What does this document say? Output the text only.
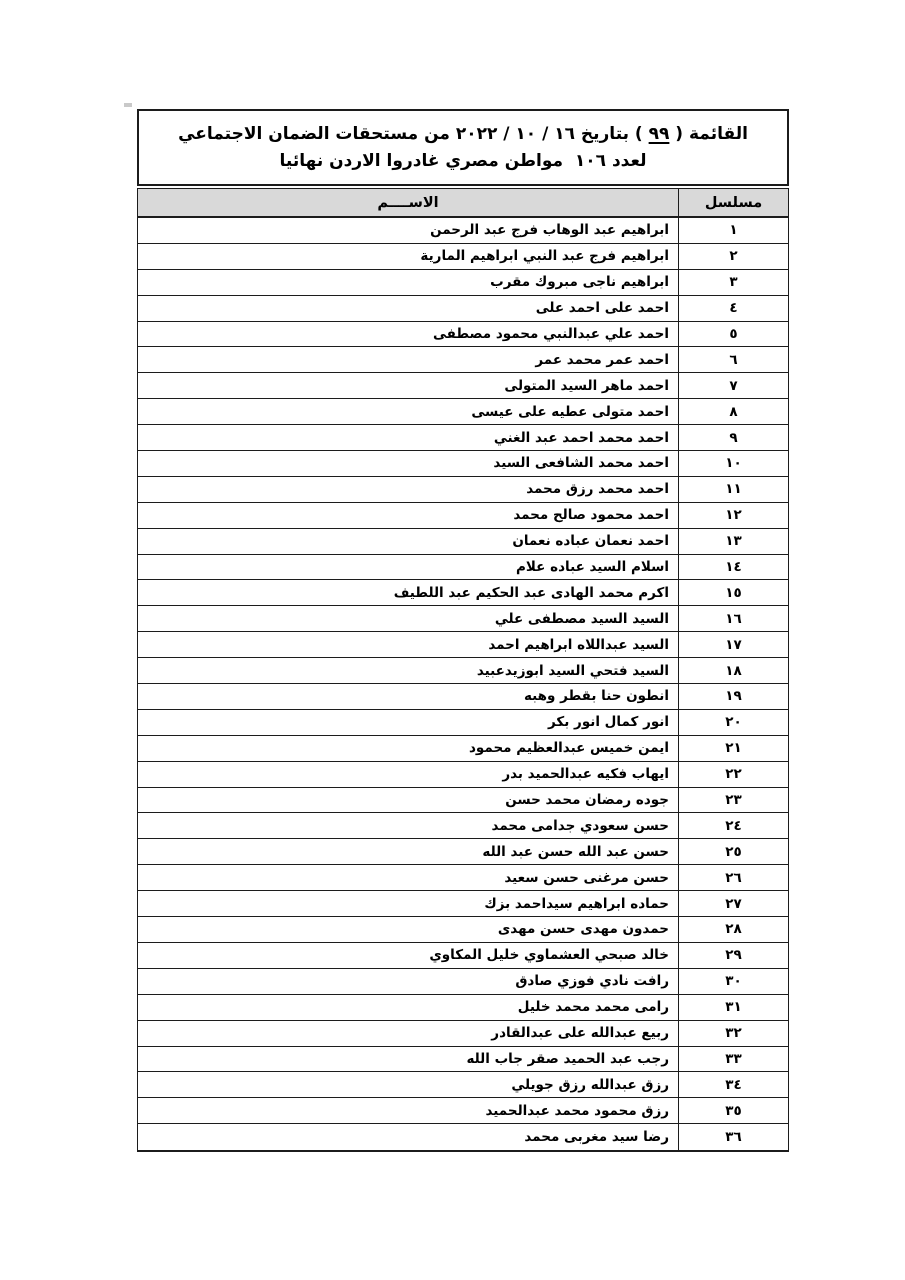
القائمة ( ٩٩ ) بتاريخ ١٦ / ١٠ / ٢٠٢٢ من مستحقات الضمان الاجتماعي
لعدد ١٠٦  مواطن مصري غادروا الاردن نهائيا
مسلسل
الاســــم
١
ابراهيم عبد الوهاب فرج عبد الرحمن
٢
ابراهيم فرج عبد النبي ابراهيم المارية
٣
ابراهيم ناجى مبروك مقرب
٤
احمد على احمد على
٥
احمد علي عبدالنبي محمود مصطفى
٦
احمد عمر محمد عمر
٧
احمد ماهر السيد المتولى
٨
احمد متولى عطيه على عيسى
٩
احمد محمد احمد عبد الغني
١٠
احمد محمد الشافعى السيد
١١
احمد محمد رزق محمد
١٢
احمد محمود صالح محمد
١٣
احمد نعمان عباده نعمان
١٤
اسلام السيد عباده علام
١٥
اكرم محمد الهادى عبد الحكيم عبد اللطيف
١٦
السيد السيد مصطفى علي
١٧
السيد عبداللاه ابراهيم احمد
١٨
السيد فتحي السيد ابوزيدعبيد
١٩
انطون حنا بقطر وهبه
٢٠
انور كمال انور بكر
٢١
ايمن خميس عبدالعظيم محمود
٢٢
ايهاب فكيه عبدالحميد بدر
٢٣
جوده رمضان محمد حسن
٢٤
حسن سعودي جدامى محمد
٢٥
حسن عبد الله حسن عبد الله
٢٦
حسن مرغنى حسن سعيد
٢٧
حماده ابراهيم سيداحمد بزك
٢٨
حمدون مهدى حسن مهدى
٢٩
خالد صبحي العشماوي خليل المكاوي
٣٠
رافت نادي فوزي صادق
٣١
رامى محمد محمد خليل
٣٢
ربيع عبدالله على عبدالقادر
٣٣
رجب عبد الحميد صقر جاب الله
٣٤
رزق عبدالله رزق جويلي
٣٥
رزق محمود محمد عبدالحميد
٣٦
رضا سيد مغربى محمد
